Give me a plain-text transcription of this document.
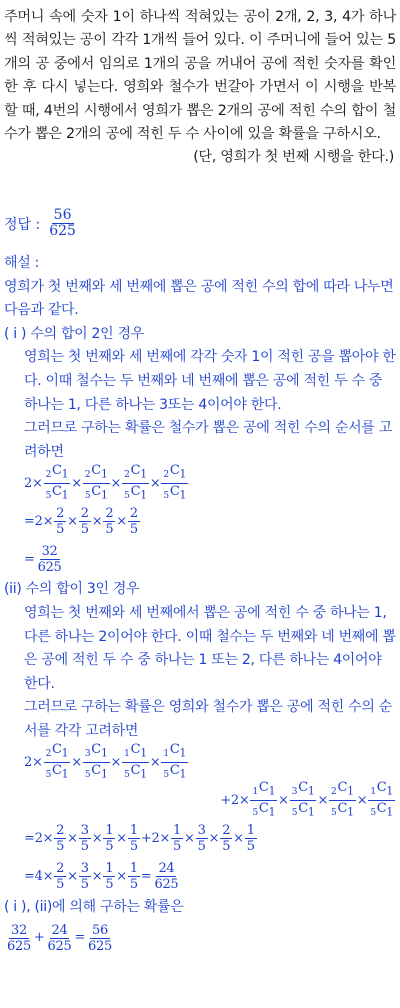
주머니 속에 숫자 1이 하나씩 적혀있는 공이 2개, 2, 3, 4가 하나씩 적혀있는 공이 각각 1개씩 들어 있다. 이 주머니에 들어 있는 5개의 공 중에서 임의로 1개의 공을 꺼내어 공에 적힌 숫자를 확인한 후 다시 넣는다. 영희와 철수가 번갈아 가면서 이 시행을 반복할 때, 4번의 시행에서 영희가 뽑은 2개의 공에 적힌 수의 합이 철수가 뽑은 2개의 공에 적힌 두 수 사이에 있을 확률을 구하시오.

(단, 영희가 첫 번째 시행을 한다.)

정답 : $\frac{56}{625}$

해설 :

영희가 첫 번째와 세 번째에 뽑은 공에 적힌 수의 합에 따라 나누면 다음과 같다.

( i ) 수의 합이 2인 경우

영희는 첫 번째와 세 번째에 각각 숫자 1이 적힌 공을 뽑아야 한다. 이때 철수는 두 번째와 네 번째에 뽑은 공에 적힌 두 수 중 하나는 1, 다른 하나는 3또는 4이어야 한다.

그러므로 구하는 확률은 철수가 뽑은 공에 적힌 수의 순서를 고려하면

$2\times \frac{_2C_1}{_5C_1} \times \frac{_2C_1}{_5C_1} \times \frac{_2C_1}{_5C_1} \times \frac{_2C_1}{_5C_1}$
$=2\times \frac{2}{5} \times \frac{2}{5} \times \frac{2}{5} \times \frac{2}{5}$
= $\frac{32}{625}$

(ii) 수의 합이 3인 경우

영희는 첫 번째와 세 번째에서 뽑은 공에 적힌 수 중 하나는 1, 다른 하나는 2이어야 한다. 이때 철수는 두 번째와 네 번째에 뽑은 공에 적힌 두 수 중 하나는 1 또는 2, 다른 하나는 4이어야 한다.

그러므로 구하는 확률은 영희와 철수가 뽑은 공에 적힌 수의 순서를 각각 고려하면

$2\times \frac{_2C_1}{_5C_1} \times \frac{_3C_1}{_5C_1} \times \frac{_1C_1}{_5C_1} \times \frac{_1C_1}{_5C_1}$
$+2\times \frac{_1C_1}{_5C_1} \times \frac{_3C_1}{_5C_1} \times \frac{_2C_1}{_5C_1} \times \frac{_1C_1}{_5C_1}$
$=2\times \frac{2}{5} \times \frac{3}{5} \times \frac{1}{5} \times \frac{1}{5} +2\times \frac{1}{5} \times \frac{3}{5} \times \frac{2}{5} \times \frac{1}{5}$
$=4\times \frac{2}{5} \times \frac{3}{5} \times \frac{1}{5} \times \frac{1}{5} = \frac{24}{625}$

( i ), (ii)에 의해 구하는 확률은

$\frac{32}{625} + \frac{24}{625} = \frac{56}{625}$
